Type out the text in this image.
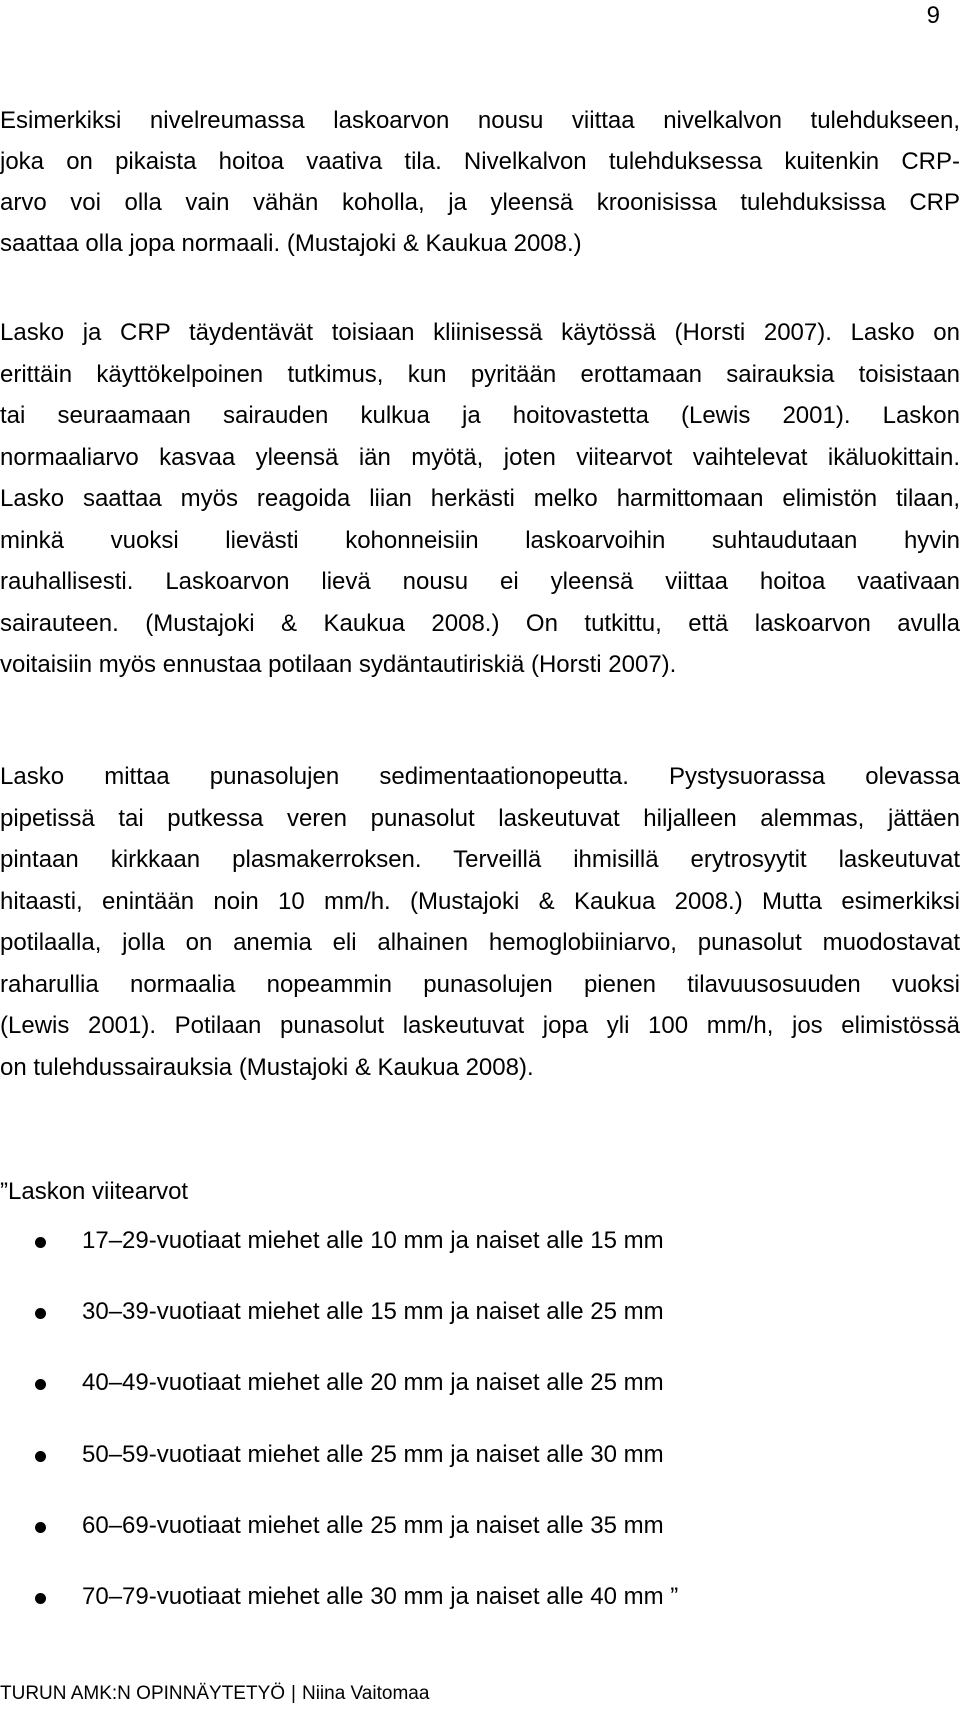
9
Esimerkiksi nivelreumassa laskoarvon nousu viittaa nivelkalvon tulehdukseen,
joka on pikaista hoitoa vaativa tila. Nivelkalvon tulehduksessa kuitenkin CRP-
arvo voi olla vain vähän koholla, ja yleensä kroonisissa tulehduksissa CRP
saattaa olla jopa normaali. (Mustajoki & Kaukua 2008.)
Lasko ja CRP täydentävät toisiaan kliinisessä käytössä (Horsti 2007). Lasko on
erittäin käyttökelpoinen tutkimus, kun pyritään erottamaan sairauksia toisistaan
tai seuraamaan sairauden kulkua ja hoitovastetta (Lewis 2001). Laskon
normaaliarvo kasvaa yleensä iän myötä, joten viitearvot vaihtelevat ikäluokittain.
Lasko saattaa myös reagoida liian herkästi melko harmittomaan elimistön tilaan,
minkä vuoksi lievästi kohonneisiin laskoarvoihin suhtaudutaan hyvin
rauhallisesti. Laskoarvon lievä nousu ei yleensä viittaa hoitoa vaativaan
sairauteen. (Mustajoki & Kaukua 2008.) On tutkittu, että laskoarvon avulla
voitaisiin myös ennustaa potilaan sydäntautiriskiä (Horsti 2007).
Lasko mittaa punasolujen sedimentaationopeutta. Pystysuorassa olevassa
pipetissä tai putkessa veren punasolut laskeutuvat hiljalleen alemmas, jättäen
pintaan kirkkaan plasmakerroksen. Terveillä ihmisillä erytrosyytit laskeutuvat
hitaasti, enintään noin 10 mm/h. (Mustajoki & Kaukua 2008.) Mutta esimerkiksi
potilaalla, jolla on anemia eli alhainen hemoglobiiniarvo, punasolut muodostavat
raharullia normaalia nopeammin punasolujen pienen tilavuusosuuden vuoksi
(Lewis 2001). Potilaan punasolut laskeutuvat jopa yli 100 mm/h, jos elimistössä
on tulehdussairauksia (Mustajoki & Kaukua 2008).
”Laskon viitearvot
17–29-vuotiaat miehet alle 10 mm ja naiset alle 15 mm
30–39-vuotiaat miehet alle 15 mm ja naiset alle 25 mm
40–49-vuotiaat miehet alle 20 mm ja naiset alle 25 mm
50–59-vuotiaat miehet alle 25 mm ja naiset alle 30 mm
60–69-vuotiaat miehet alle 25 mm ja naiset alle 35 mm
70–79-vuotiaat miehet alle 30 mm ja naiset alle 40 mm ”
TURUN AMK:N OPINNÄYTETYÖ | Niina Vaitomaa
